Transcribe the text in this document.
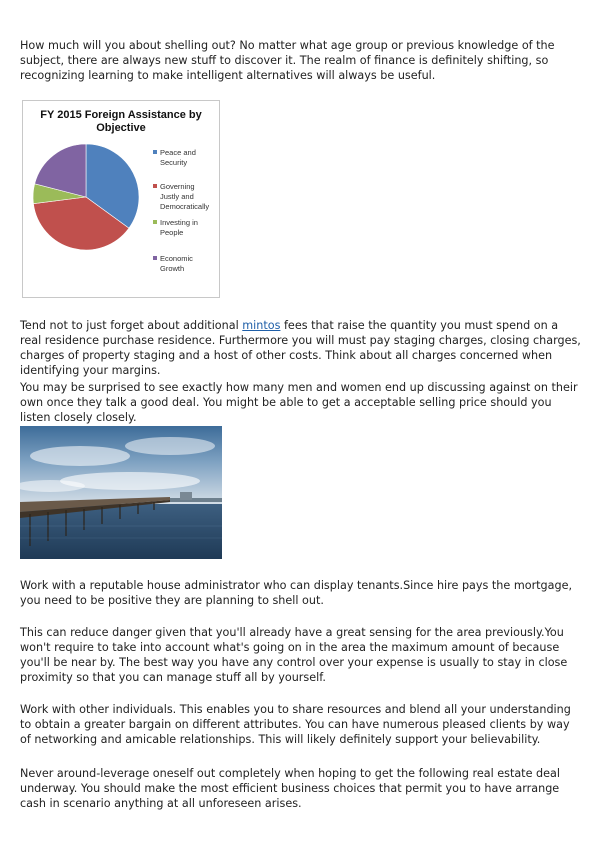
How much will you about shelling out? No matter what age group or previous knowledge of the subject, there are always new stuff to discover it. The realm of finance is definitely shifting, so recognizing learning to make intelligent alternatives will always be useful.

FY 2015 Foreign Assistance by
Objective
Peace and
Security
Governing
Justly and
Democratically
Investing in
People
Economic
Growth

Tend not to just forget about additional mintos fees that raise the quantity you must spend on a real residence purchase residence. Furthermore you will must pay staging charges, closing charges, charges of property staging and a host of other costs. Think about all charges concerned when identifying your margins.

You may be surprised to see exactly how many men and women end up discussing against on their own once they talk a good deal. You might be able to get a acceptable selling price should you listen closely closely.

Work with a reputable house administrator who can display tenants.Since hire pays the mortgage, you need to be positive they are planning to shell out.

This can reduce danger given that you'll already have a great sensing for the area previously.You won't require to take into account what's going on in the area the maximum amount of because you'll be near by. The best way you have any control over your expense is usually to stay in close proximity so that you can manage stuff all by yourself.

Work with other individuals. This enables you to share resources and blend all your understanding to obtain a greater bargain on different attributes. You can have numerous pleased clients by way of networking and amicable relationships. This will likely definitely support your believability.

Never around-leverage oneself out completely when hoping to get the following real estate deal underway. You should make the most efficient business choices that permit you to have arrange cash in scenario anything at all unforeseen arises.
